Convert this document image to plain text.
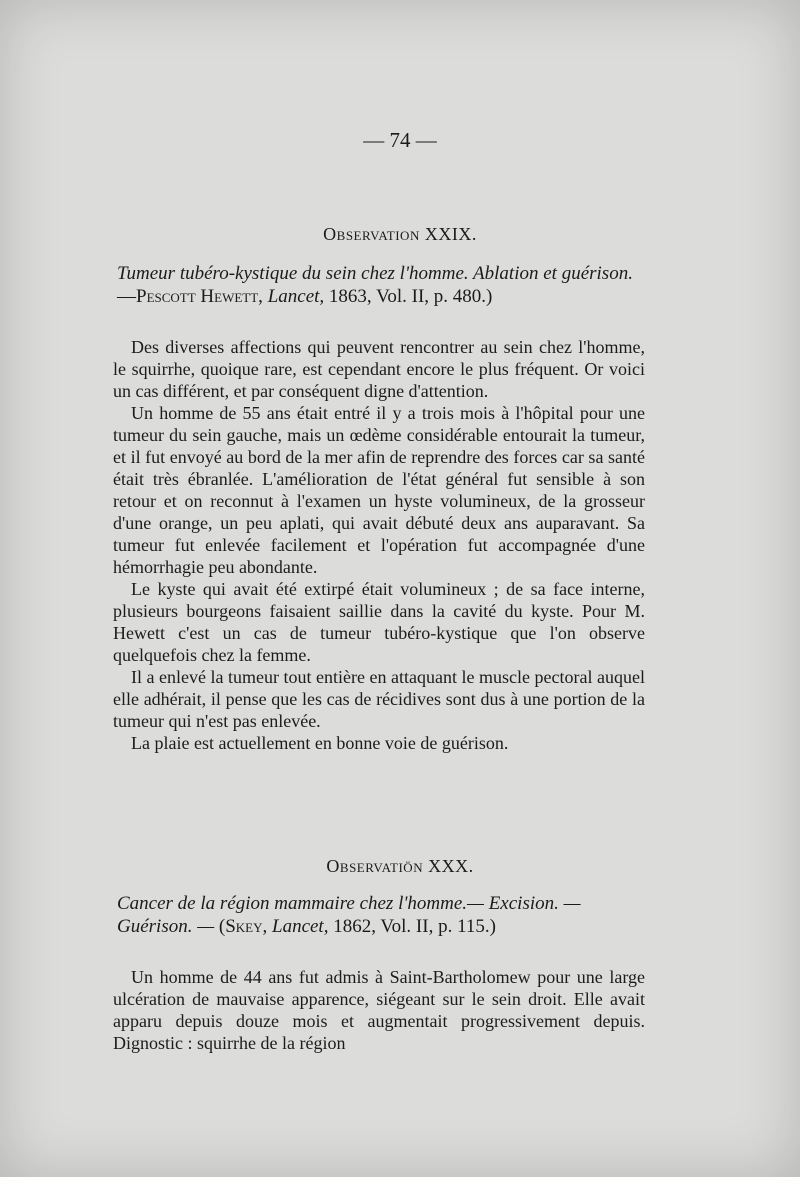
— 74 —
Observation XXIX.
Tumeur tubéro-kystique du sein chez l'homme. Ablation et guérison. —Pescott Hewett, Lancet, 1863, Vol. II, p. 480.)

Des diverses affections qui peuvent rencontrer au sein chez l'homme, le squirrhe, quoique rare, est cependant encore le plus fréquent. Or voici un cas différent, et par conséquent digne d'attention.

Un homme de 55 ans était entré il y a trois mois à l'hôpital pour une tumeur du sein gauche, mais un œdème considérable entourait la tumeur, et il fut envoyé au bord de la mer afin de reprendre des forces car sa santé était très ébranlée. L'amélioration de l'état général fut sensible à son retour et on reconnut à l'examen un hyste volumineux, de la grosseur d'une orange, un peu aplati, qui avait débuté deux ans auparavant. Sa tumeur fut enlevée facilement et l'opération fut accompagnée d'une hémorrhagie peu abondante.

Le kyste qui avait été extirpé était volumineux ; de sa face interne, plusieurs bourgeons faisaient saillie dans la cavité du kyste. Pour M. Hewett c'est un cas de tumeur tubéro-kystique que l'on observe quelquefois chez la femme.

Il a enlevé la tumeur tout entière en attaquant le muscle pectoral auquel elle adhérait, il pense que les cas de récidives sont dus à une portion de la tumeur qui n'est pas enlevée.

La plaie est actuellement en bonne voie de guérison.

Observatiön XXX.
Cancer de la région mammaire chez l'homme.— Excision. — Guérison. — (Skey, Lancet, 1862, Vol. II, p. 115.)

Un homme de 44 ans fut admis à Saint-Bartholomew pour une large ulcération de mauvaise apparence, siégeant sur le sein droit. Elle avait apparu depuis douze mois et augmentait progressivement depuis. Dignostic : squirrhe de la région
